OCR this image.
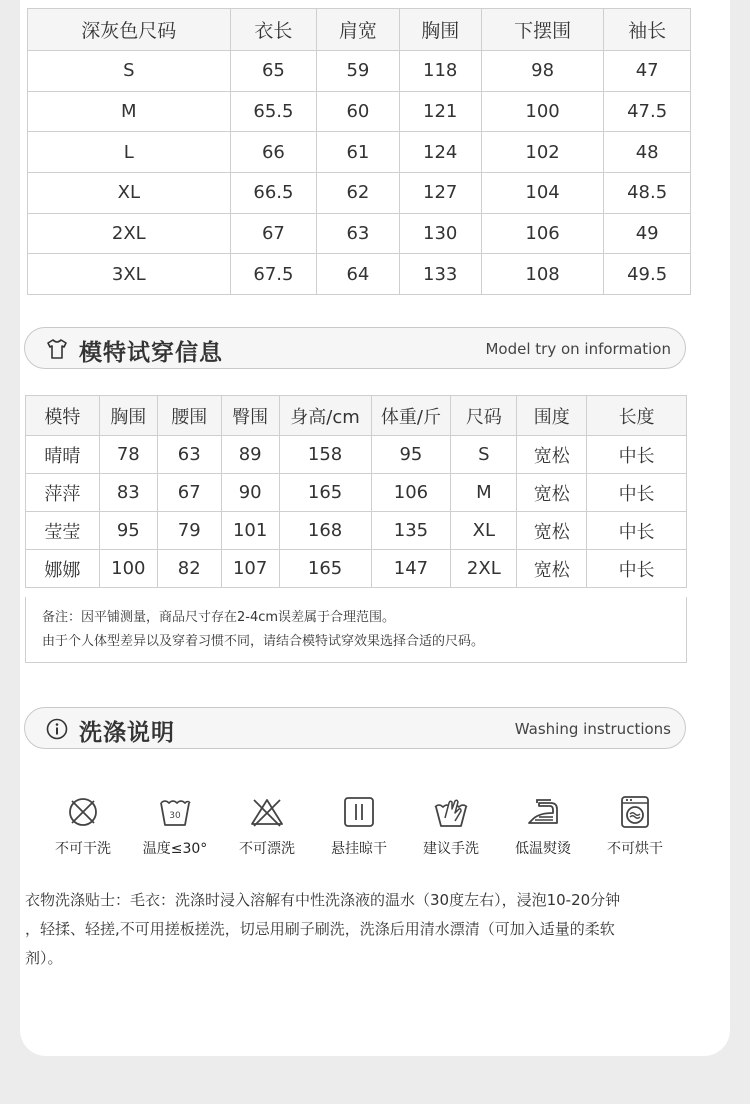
深灰色尺码	衣长	肩宽	胸围	下摆围	袖长
S	65	59	118	98	47
M	65.5	60	121	100	47.5
L	66	61	124	102	48
XL	66.5	62	127	104	48.5
2XL	67	63	130	106	49
3XL	67.5	64	133	108	49.5
模特试穿信息	Model try on information
模特	胸围	腰围	臀围	身高/cm	体重/斤	尺码	围度	长度
晴晴	78	63	89	158	95	S	宽松	中长
萍萍	83	67	90	165	106	M	宽松	中长
莹莹	95	79	101	168	135	XL	宽松	中长
娜娜	100	82	107	165	147	2XL	宽松	中长
备注：因平铺测量，商品尺寸存在2-4cm误差属于合理范围。
由于个人体型差异以及穿着习惯不同，请结合模特试穿效果选择合适的尺码。
洗涤说明	Washing instructions
不可干洗
30
温度≤30°	不可漂洗	悬挂晾干	建议手洗	低温熨烫	不可烘干
衣物洗涤贴士：毛衣：洗涤时浸入溶解有中性洗涤液的温水（30度左右），浸泡10-20分钟
，轻揉、轻搓,不可用搓板搓洗，切忌用刷子刷洗，洗涤后用清水漂清（可加入适量的柔软
剂）。
